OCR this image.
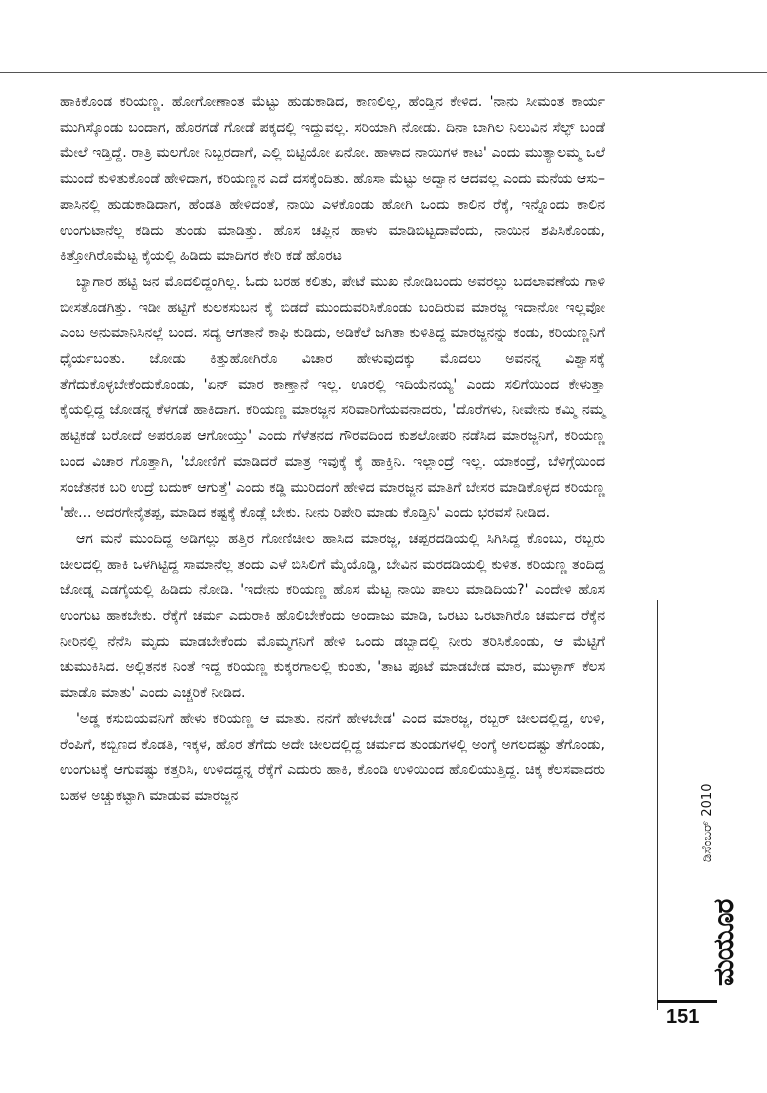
ಹಾಕಿಕೊಂಡ ಕರಿಯಣ್ಣ. ಹೋಗೋಣಾಂತ ಮೆಟ್ಟು ಹುಡುಕಾಡಿದ, ಕಾಣಲಿಲ್ಲ, ಹೆಂಡ್ತಿನ ಕೇಳಿದ. 'ನಾನು ಸೀಮಂತ ಕಾರ್ಯ ಮುಗಿಸ್ಕೊಂಡು ಬಂದಾಗ, ಹೊರಗಡೆ ಗೋಡೆ ಪಕ್ಕದಲ್ಲಿ ಇದ್ದುವಲ್ಲ. ಸರಿಯಾಗಿ ನೋಡು. ದಿನಾ ಬಾಗಿಲ ನಿಲುವಿನ ಸೆಲ್ಫ್ ಬಂಡೆ ಮೇಲೆ ಇಡ್ತಿದ್ದೆ. ರಾತ್ರಿ ಮಲಗೋ ನಿಬ್ಬರದಾಗೆ, ಎಲ್ಲಿ ಬಿಟ್ಟಿಯೋ ಏನೋ. ಹಾಳಾದ ನಾಯಿಗಳ ಕಾಟ' ಎಂದು ಮುತ್ಯಾಲಮ್ಮ ಒಲೆ ಮುಂದೆ ಕುಳಿತುಕೊಂಡೆ ಹೇಳಿದಾಗ, ಕರಿಯಣ್ಣನ ಎದೆ ದಸಕ್ಕೆಂದಿತು. ಹೊಸಾ ಮೆಟ್ಟು ಅದ್ವಾನ ಆದವಲ್ಲ ಎಂದು ಮನೆಯ ಆಸು–ಪಾಸಿನಲ್ಲಿ ಹುಡುಕಾಡಿದಾಗ, ಹೆಂಡತಿ ಹೇಳಿದಂತೆ, ನಾಯಿ ಎಳಕೊಂಡು ಹೋಗಿ ಒಂದು ಕಾಲಿನ ರೆಕ್ಕೆ, ಇನ್ನೊಂದು ಕಾಲಿನ ಉಂಗುಟಾನೆಲ್ಲ ಕಡಿದು ತುಂಡು ಮಾಡಿತ್ತು. ಹೊಸ ಚಪ್ಲಿನ ಹಾಳು ಮಾಡಿಬಿಟ್ಟದಾವೆಂದು, ನಾಯಿನ ಶಪಿಸಿಕೊಂಡು, ಕಿತ್ತೋಗಿರೊಮೆಟ್ಟ ಕೈಯಲ್ಲಿ ಹಿಡಿದು ಮಾದಿಗರ ಕೇರಿ ಕಡೆ ಹೊರಟ

ಬ್ಯಾಗಾರ ಹಟ್ಟಿ ಜನ ಮೊದಲಿದ್ದಂಗಿಲ್ಲ. ಓದು ಬರಹ ಕಲಿತು, ಪೇಟೆ ಮುಖ ನೋಡಿಬಂದು ಅವರಲ್ಲು ಬದಲಾವಣೆಯ ಗಾಳಿ ಬೀಸತೊಡಗಿತ್ತು. ಇಡೀ ಹಟ್ಟಿಗೆ ಕುಲಕಸುಬನ ಕೈ ಬಿಡದೆ ಮುಂದುವರಿಸಿಕೊಂಡು ಬಂದಿರುವ ಮಾರಜ್ಜ ಇದಾನೋ ಇಲ್ಲವೋ ಎಂಬ ಅನುಮಾನಿಸಿನಲ್ಲೆ ಬಂದ. ಸದ್ಯ ಆಗತಾನೆ ಕಾಫಿ ಕುಡಿದು, ಅಡಿಕೆಲೆ ಜಗಿತಾ ಕುಳಿತಿದ್ದ ಮಾರಜ್ಜನನ್ನು ಕಂಡು, ಕರಿಯಣ್ಣನಿಗೆ ಧೈರ್ಯಬಂತು. ಜೋಡು ಕಿತ್ತುಹೋಗಿರೊ ವಿಚಾರ ಹೇಳುವುದಕ್ಕು ಮೊದಲು ಅವನನ್ನ ವಿಶ್ವಾಸಕ್ಕೆ ತೆಗೆದುಕೊಳ್ಳಬೇಕೆಂದುಕೊಂಡು, 'ಏನ್ ಮಾರ ಕಾಣ್ತಾನೆ ಇಲ್ಲ. ಊರಲ್ಲಿ ಇದಿಯೆನಯ್ಯ' ಎಂದು ಸಲಿಗೆಯಿಂದ ಕೇಳುತ್ತಾ ಕೈಯಲ್ಲಿದ್ದ ಜೋಡನ್ನ ಕೆಳಗಡೆ ಹಾಕಿದಾಗ. ಕರಿಯಣ್ಣ ಮಾರಜ್ಜನ ಸರಿವಾರಿಗೆಯವನಾದರು, 'ದೊರೆಗಳು, ನೀವೇನು ಕಮ್ಮಿ ನಮ್ಮ ಹಟ್ಟಿಕಡೆ ಬರೋದೆ ಅಪರೂಪ ಆಗೋಯ್ತು' ಎಂದು ಗೆಳೆತನದ ಗೌರವದಿಂದ ಕುಶಲೋಪರಿ ನಡೆಸಿದ ಮಾರಜ್ಜನಿಗೆ, ಕರಿಯಣ್ಣ ಬಂದ ವಿಚಾರ ಗೊತ್ತಾಗಿ, 'ಬೋಣಿಗೆ ಮಾಡಿದರೆ ಮಾತ್ರ ಇವುಕ್ಕೆ ಕೈ ಹಾಕ್ತಿನಿ. ಇಲ್ಲಾಂದ್ರೆ ಇಲ್ಲ. ಯಾಕಂದ್ರೆ, ಬೆಳಿಗ್ಗೆಯಿಂದ ಸಂಜೆತನಕ ಬರಿ ಉದ್ರೆ ಬದುಕ್ ಆಗುತ್ತೆ' ಎಂದು ಕಡ್ಡಿ ಮುರಿದಂಗೆ ಹೇಳಿದ ಮಾರಜ್ಜನ ಮಾತಿಗೆ ಬೇಸರ ಮಾಡಿಕೊಳ್ಳದ ಕರಿಯಣ್ಣ 'ಹೇ... ಅದರಗೇನೈತಪ್ಪ, ಮಾಡಿದ ಕಷ್ಟಕ್ಕೆ ಕೊಡ್ಲೆ ಬೇಕು. ನೀನು ರಿಪೇರಿ ಮಾಡು ಕೊಡ್ತಿನಿ' ಎಂದು ಭರವಸೆ ನೀಡಿದ.

ಆಗ ಮನೆ ಮುಂದಿದ್ದ ಅಡಿಗಲ್ಲು ಹತ್ತಿರ ಗೋಣಿಚೀಲ ಹಾಸಿದ ಮಾರಜ್ಜ, ಚಪ್ಪರದಡಿಯಲ್ಲಿ ಸಿಗಿಸಿದ್ದ ಕೊಂಬು, ರಬ್ಬರು ಚೀಲದಲ್ಲಿ ಹಾಕಿ ಒಳಗಿಟ್ಟಿದ್ದ ಸಾಮಾನೆಲ್ಲ ತಂದು ಎಳೆ ಬಿಸಿಲಿಗೆ ಮೈಯೊಡ್ಡಿ, ಬೇವಿನ ಮರದಡಿಯಲ್ಲಿ ಕುಳಿತ. ಕರಿಯಣ್ಣ ತಂದಿದ್ದ ಜೋಡ್ನ ಎಡಗೈಯಲ್ಲಿ ಹಿಡಿದು ನೋಡಿ. 'ಇದೇನು ಕರಿಯಣ್ಣ ಹೊಸ ಮೆಟ್ಟ ನಾಯಿ ಪಾಲು ಮಾಡಿದಿಯ?' ಎಂದೇಳಿ ಹೊಸ ಉಂಗುಟ ಹಾಕಬೇಕು. ರೆಕ್ಕೆಗೆ ಚರ್ಮ ಎದುರಾಕಿ ಹೊಲಿಬೇಕೆಂದು ಅಂದಾಜು ಮಾಡಿ, ಒರಟು ಒರಟಾಗಿರೊ ಚರ್ಮದ ರೆಕ್ಕೆನ ನೀರಿನಲ್ಲಿ ನೆನೆಸಿ ಮೃದು ಮಾಡಬೇಕೆಂದು ಮೊಮ್ಮಗನಿಗೆ ಹೇಳಿ ಒಂದು ಡಬ್ಬಾದಲ್ಲಿ ನೀರು ತರಿಸಿಕೊಂಡು, ಆ ಮೆಟ್ಟಿಗೆ ಚುಮುಕಿಸಿದ. ಅಲ್ಲಿತನಕ ನಿಂತೆ ಇದ್ದ ಕರಿಯಣ್ಣ ಕುಕ್ಕರಗಾಲಲ್ಲಿ ಕುಂತು, 'ತಾಟ ಪೂಟೆ ಮಾಡಬೇಡ ಮಾರ, ಮುಳ್ಳಾಗ್ ಕೆಲಸ ಮಾಡೊ ಮಾತು' ಎಂದು ಎಚ್ಚರಿಕೆ ನೀಡಿದ.

'ಅಡ್ಡ ಕಸುಬಿಯವನಿಗೆ ಹೇಳು ಕರಿಯಣ್ಣ ಆ ಮಾತು. ನನಗೆ ಹೇಳಬೇಡ' ಎಂದ ಮಾರಜ್ಜ, ರಬ್ಬರ್ ಚೀಲದಲ್ಲಿದ್ದ, ಉಳಿ, ರೆಂಪಿಗೆ, ಕಬ್ಬಿಣದ ಕೊಡತಿ, ಇಕ್ಕಳ, ಹೊರ ತೆಗೆದು ಅದೇ ಚೀಲದಲ್ಲಿದ್ದ ಚರ್ಮದ ತುಂಡುಗಳಲ್ಲಿ ಅಂಗ್ಕೆ ಅಗಲದಷ್ಟು ತೆಗೊಂಡು, ಉಂಗುಟಕ್ಕೆ ಆಗುವಷ್ಟು ಕತ್ತರಿಸಿ, ಉಳಿದದ್ದನ್ನ ರೆಕ್ಕೆಗೆ ಎದುರು ಹಾಕಿ, ಕೊಂಡಿ ಉಳಿಯಿಂದ ಹೊಲಿಯುತ್ತಿದ್ದ. ಚಿಕ್ಕ ಕೆಲಸವಾದರು ಬಹಳ ಅಚ್ಚುಕಟ್ಟಾಗಿ ಮಾಡುವ ಮಾರಜ್ಜನ	ಡಿಸೆಂಬರ್ 2010
ಮಯೂರ
151
